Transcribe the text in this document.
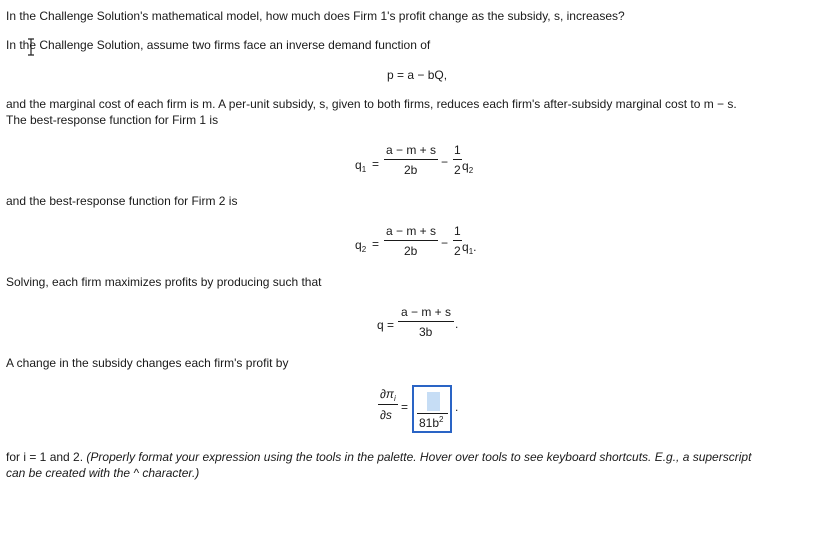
In the Challenge Solution's mathematical model, how much does Firm 1's profit change as the subsidy, s, increases?

In the Challenge Solution, assume two firms face an inverse demand function of

p = a − bQ,

and the marginal cost of each firm is m. A per-unit subsidy, s, given to both firms, reduces each firm's after-subsidy marginal cost to m − s.

The best-response function for Firm 1 is

$q_1$ =
a − m + s
2b
−
1
2 $q_2$

and the best-response function for Firm 2 is

$q_2$ =
a − m + s
2b
−
1
2 $q_1$.

Solving, each firm maximizes profits by producing such that

q =
a − m + s
3b
.

A change in the subsidy changes each firm's profit by

$\partial\pi_i$
∂s
=
$81b^2$
.

for i = 1 and 2. (Properly format your expression using the tools in the palette. Hover over tools to see keyboard shortcuts. E.g., a superscript

can be created with the ^ character.)
